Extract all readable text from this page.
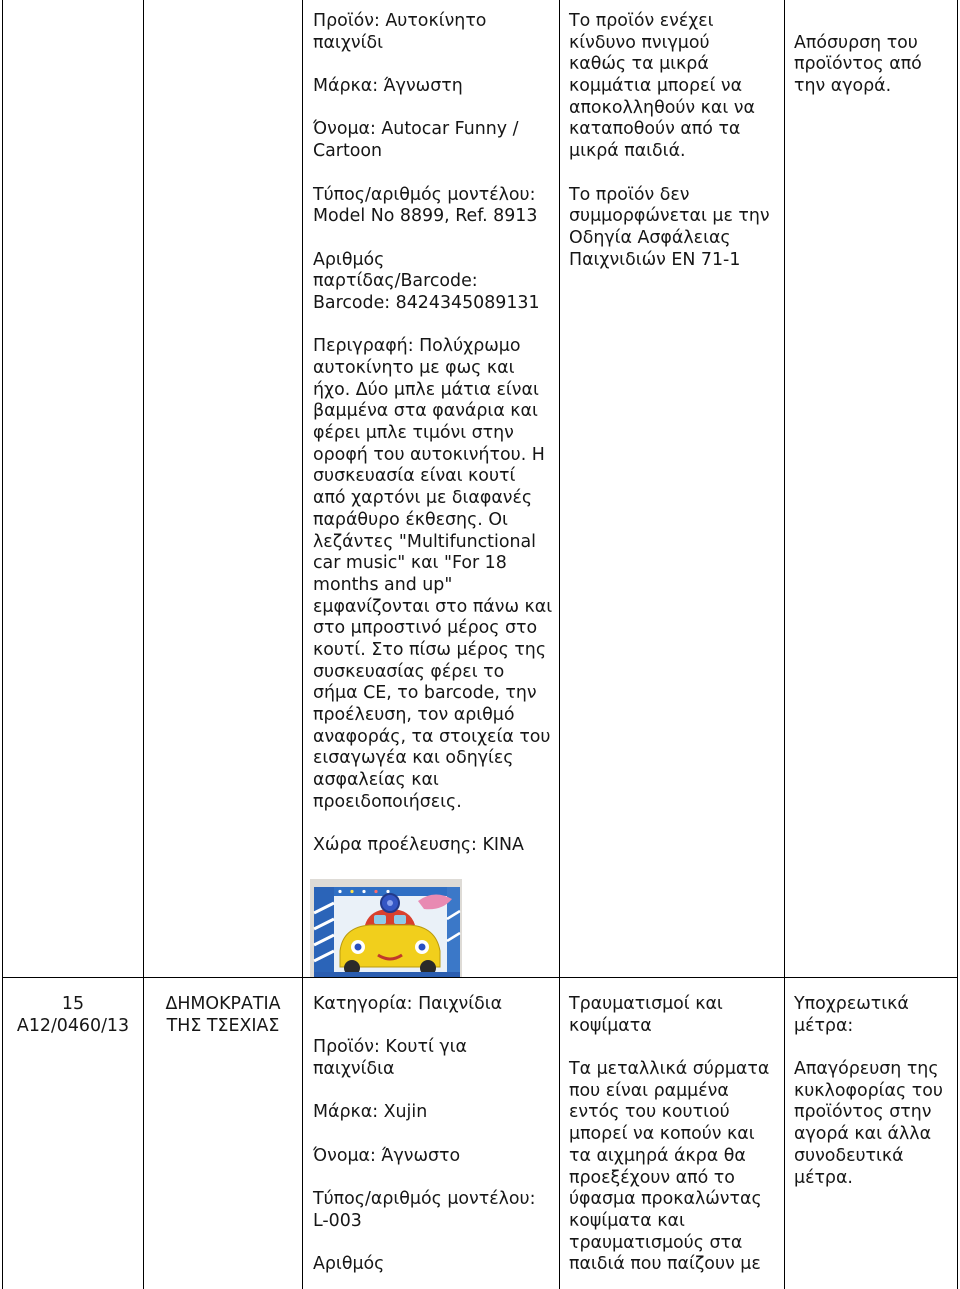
Προϊόν: Αυτοκίνητο
παιχνίδι
Μάρκα: Άγνωστη
Όνομα: Autocar Funny /
Cartoon
Τύπος/αριθμός μοντέλου:
Model No 8899, Ref. 8913
Αριθμός
παρτίδας/Barcode:
Barcode: 8424345089131
Περιγραφή: Πολύχρωμο
αυτοκίνητο με φως και
ήχο. Δύο μπλε μάτια είναι
βαμμένα στα φανάρια και
φέρει μπλε τιμόνι στην
οροφή του αυτοκινήτου. Η
συσκευασία είναι κουτί
από χαρτόνι με διαφανές
παράθυρο έκθεσης. Οι
λεζάντες "Multifunctional
car music" και "For 18
months and up"
εμφανίζονται στο πάνω και
στο μπροστινό μέρος στο
κουτί. Στο πίσω μέρος της
συσκευασίας φέρει το
σήμα CE, το barcode, την
προέλευση, τον αριθμό
αναφοράς, τα στοιχεία του
εισαγωγέα και οδηγίες
ασφαλείας και
προειδοποιήσεις.
Χώρα προέλευσης: ΚΙΝΑ
Το προϊόν ενέχει
κίνδυνο πνιγμού
καθώς τα μικρά
κομμάτια μπορεί να
αποκολληθούν και να
καταποθούν από τα
μικρά παιδιά.
Το προϊόν δεν
συμμορφώνεται με την
Οδηγία Ασφάλειας
Παιχνιδιών ΕΝ 71-1
Απόσυρση του
προϊόντος από
την αγορά.
15
A12/0460/13
ΔΗΜΟΚΡΑΤΙΑ
ΤΗΣ ΤΣΕΧΙΑΣ
Κατηγορία: Παιχνίδια
Προϊόν: Κουτί για
παιχνίδια
Μάρκα: Xujin
Όνομα: Άγνωστο
Τύπος/αριθμός μοντέλου:
L-003
Αριθμός
Τραυματισμοί και
κοψίματα
Τα μεταλλικά σύρματα
που είναι ραμμένα
εντός του κουτιού
μπορεί να κοπούν και
τα αιχμηρά άκρα θα
προεξέχουν από το
ύφασμα προκαλώντας
κοψίματα και
τραυματισμούς στα
παιδιά που παίζουν με
Υποχρεωτικά
μέτρα:
Απαγόρευση της
κυκλοφορίας του
προϊόντος στην
αγορά και άλλα
συνοδευτικά
μέτρα.
